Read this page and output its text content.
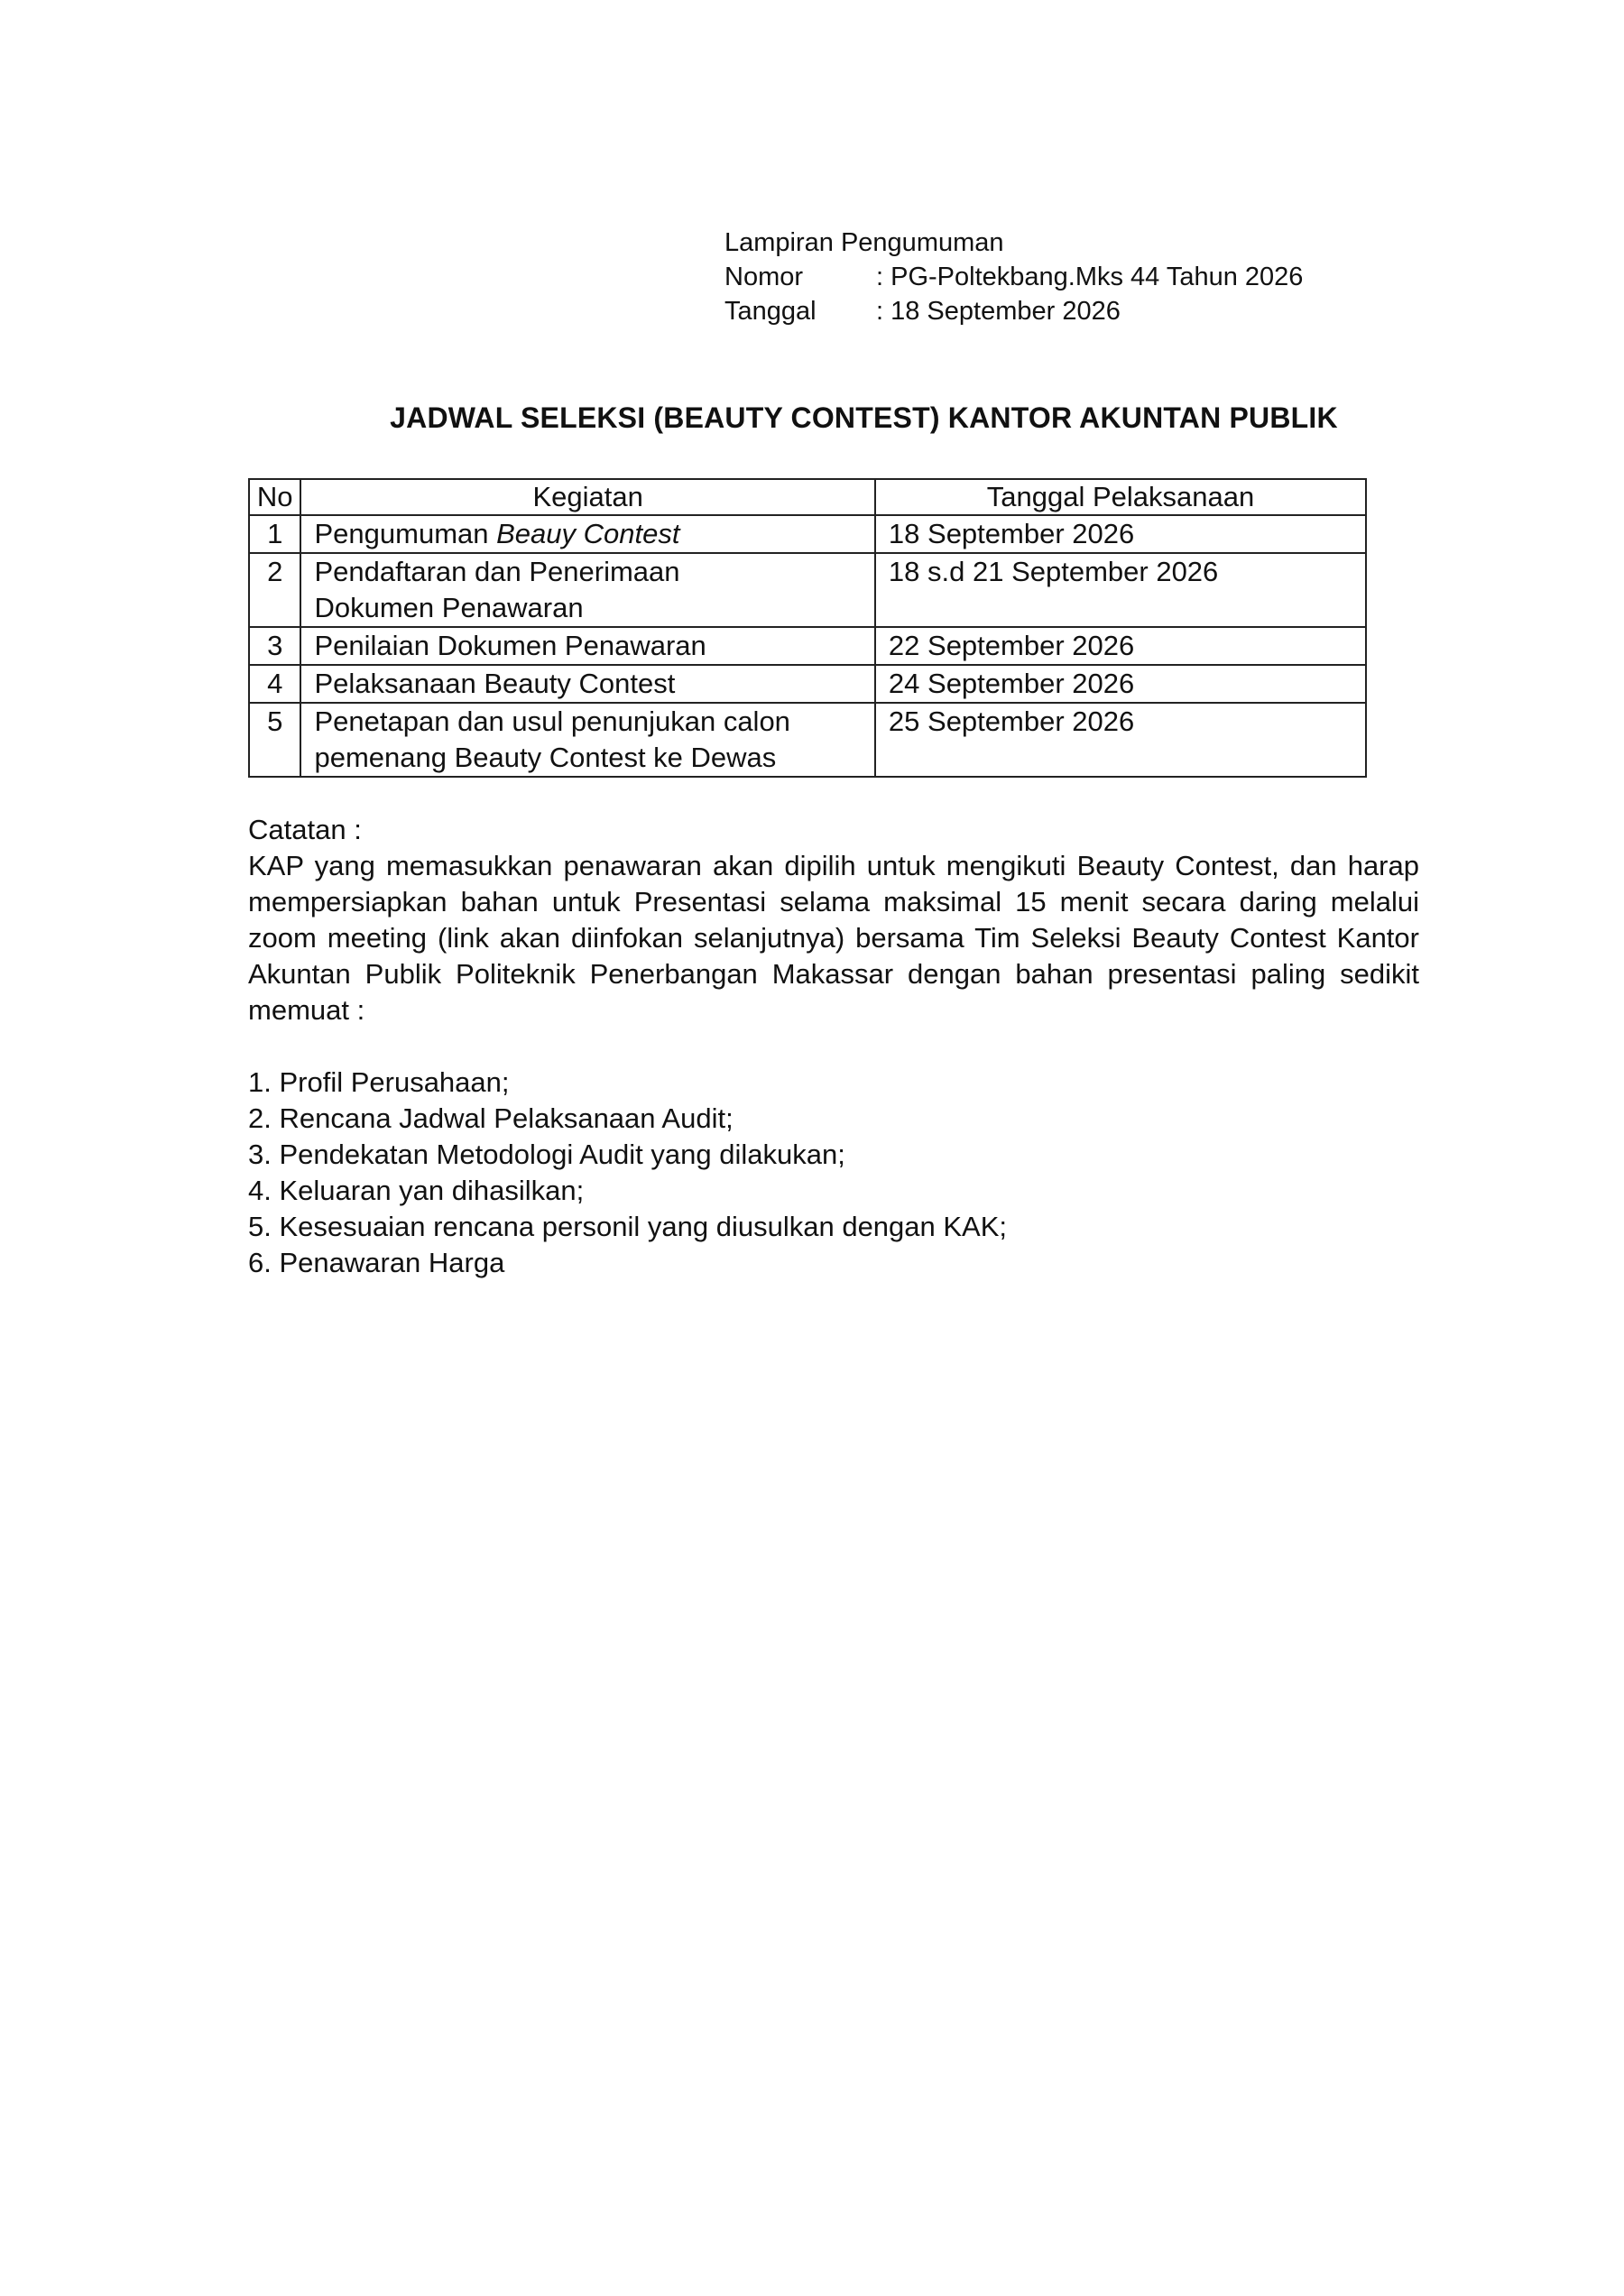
Lampiran Pengumuman
Nomor	: PG-Poltekbang.Mks 44 Tahun 2026
Tanggal	: 18 September 2026
JADWAL SELEKSI (BEAUTY CONTEST) KANTOR AKUNTAN PUBLIK
No	Kegiatan	Tanggal Pelaksanaan
1	Pengumuman Beauy Contest	18 September 2026
2	Pendaftaran dan Penerimaan
Dokumen Penawaran	18 s.d 21 September 2026
3	Penilaian Dokumen Penawaran	22 September 2026
4	Pelaksanaan Beauty Contest	24 September 2026
5	Penetapan dan usul penunjukan calon
pemenang Beauty Contest ke Dewas	25 September 2026
Catatan :
KAP yang memasukkan penawaran akan dipilih untuk mengikuti Beauty Contest, dan harap mempersiapkan bahan untuk Presentasi selama maksimal 15 menit secara daring melalui zoom meeting (link akan diinfokan selanjutnya) bersama Tim Seleksi Beauty Contest Kantor Akuntan Publik Politeknik Penerbangan Makassar dengan bahan presentasi paling sedikit memuat :
1. Profil Perusahaan;
2. Rencana Jadwal Pelaksanaan Audit;
3. Pendekatan Metodologi Audit yang dilakukan;
4. Keluaran yan dihasilkan;
5. Kesesuaian rencana personil yang diusulkan dengan KAK;
6. Penawaran Harga
